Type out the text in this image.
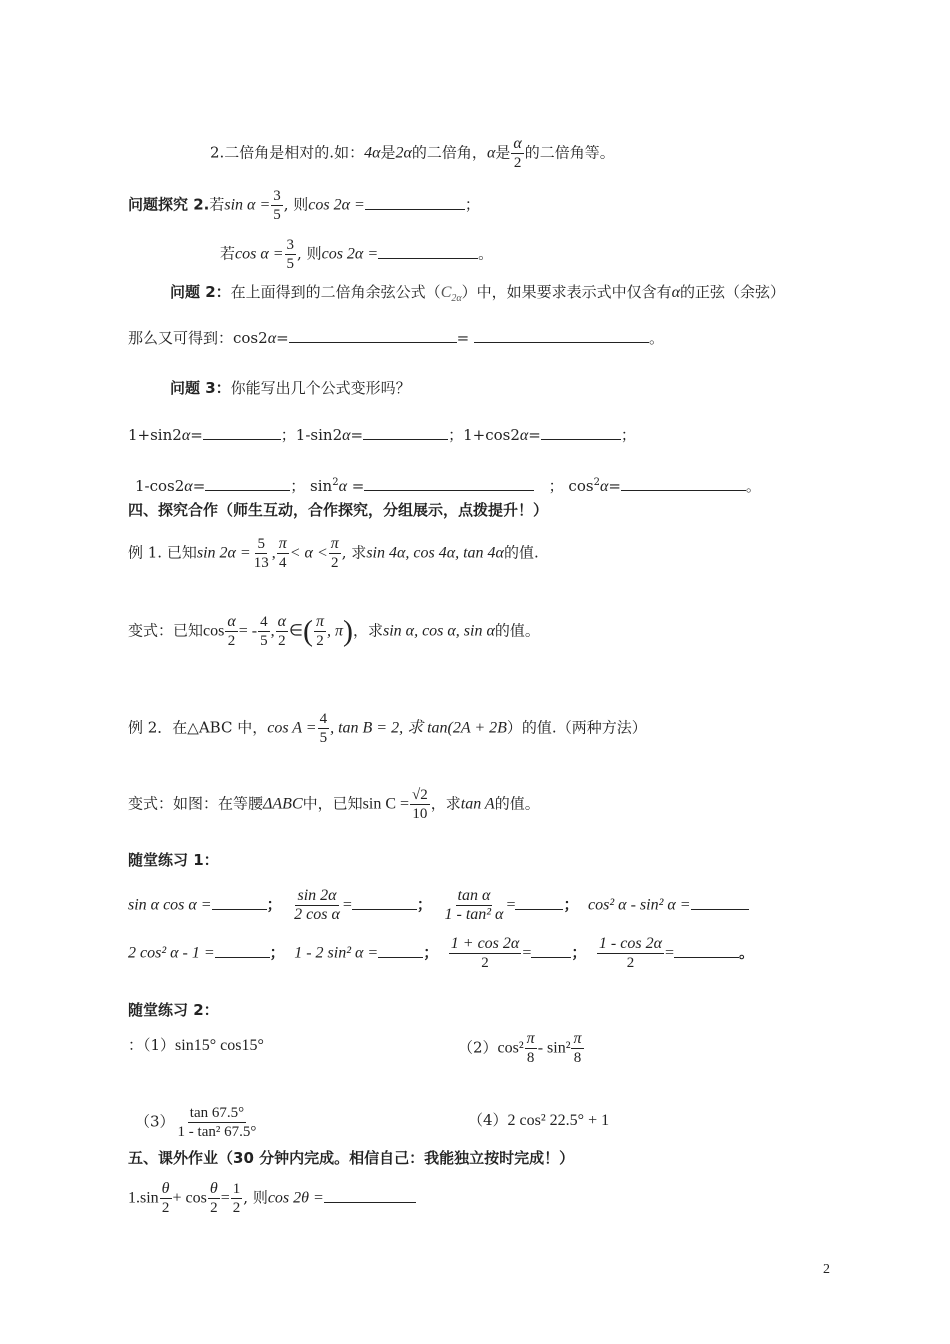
2.二倍角是相对的.如：4α是2α的二倍角，α是 $\frac{\alpha}{2}$ 的二倍角等。
问题探究 2.若$\sin \alpha = \frac{3}{5}$ , 则cos 2α =	；
若$\cos \alpha = \frac{3}{5}$ , 则cos 2α =	。
问题 2：在上面得到的二倍角余弦公式$(C_{2\alpha})$中，如果要求表示式中仅含有α的正弦（余弦）
那么又可得到：cos2α=	=	。
问题 3：你能写出几个公式变形吗？
1+sin2α=	；1-sin2α=	；1+cos2α=	；
1-cos2α=	； $\sin^2\alpha$ =	； $\cos^2\alpha=$	。
四、探究合作（师生互动，合作探究，分组展示，点拨提升！）
例 1. 已知$\sin 2\alpha = \frac{5}{13}$ , $\frac{\pi}{4} < \alpha < \frac{\pi}{2}$ , 求sin 4α, cos 4α, tan 4α的值.
变式：已知$\cos \frac{\alpha}{2}$ = - $\frac{4}{5}$ , $\frac{\alpha}{2}$ ∈( $\frac{\pi}{2}$ , π)，求sin α, cos α, sin α的值。
例 2．在△ABC 中，$\cos A = \frac{4}{5}$ , tan B = 2, 求 tan(2A + 2B）的值.（两种方法）
变式：如图：在等腰ΔABC中，已知$\sin C = \frac{√2}{10}$ ，求tan A的值。
随堂练习 1：
sin α cos α =	； $\frac{\sin 2\alpha}{\text{2 cos α}}$ =	； $\frac{\text{tan α}}{\text{1 - tan² α}}$ =	； cos² α - sin² α =
2 cos² α - 1 =	； 1 - 2 sin² α =	； $\frac{1 + \cos 2\alpha}{2}$ =	； $\frac{1 - \cos 2\alpha}{2}$ =	。
随堂练习 2：
：（1）sin15° cos15°	$(2)\cos^2 \frac{\pi}{8} - \sin^2 \frac{\pi}{8}$
$(3) \frac{\tan 67.5^\circ}{\text{1 - tan² 67.5°}}$	（4）2 cos² 22.5° + 1
五、课外作业（30 分钟内完成。相信自己：我能独立按时完成！）
$1.\sin \frac{\theta}{2} + \cos \frac{\theta}{2} = \frac{1}{2}$ , 则cos 2θ =
2
